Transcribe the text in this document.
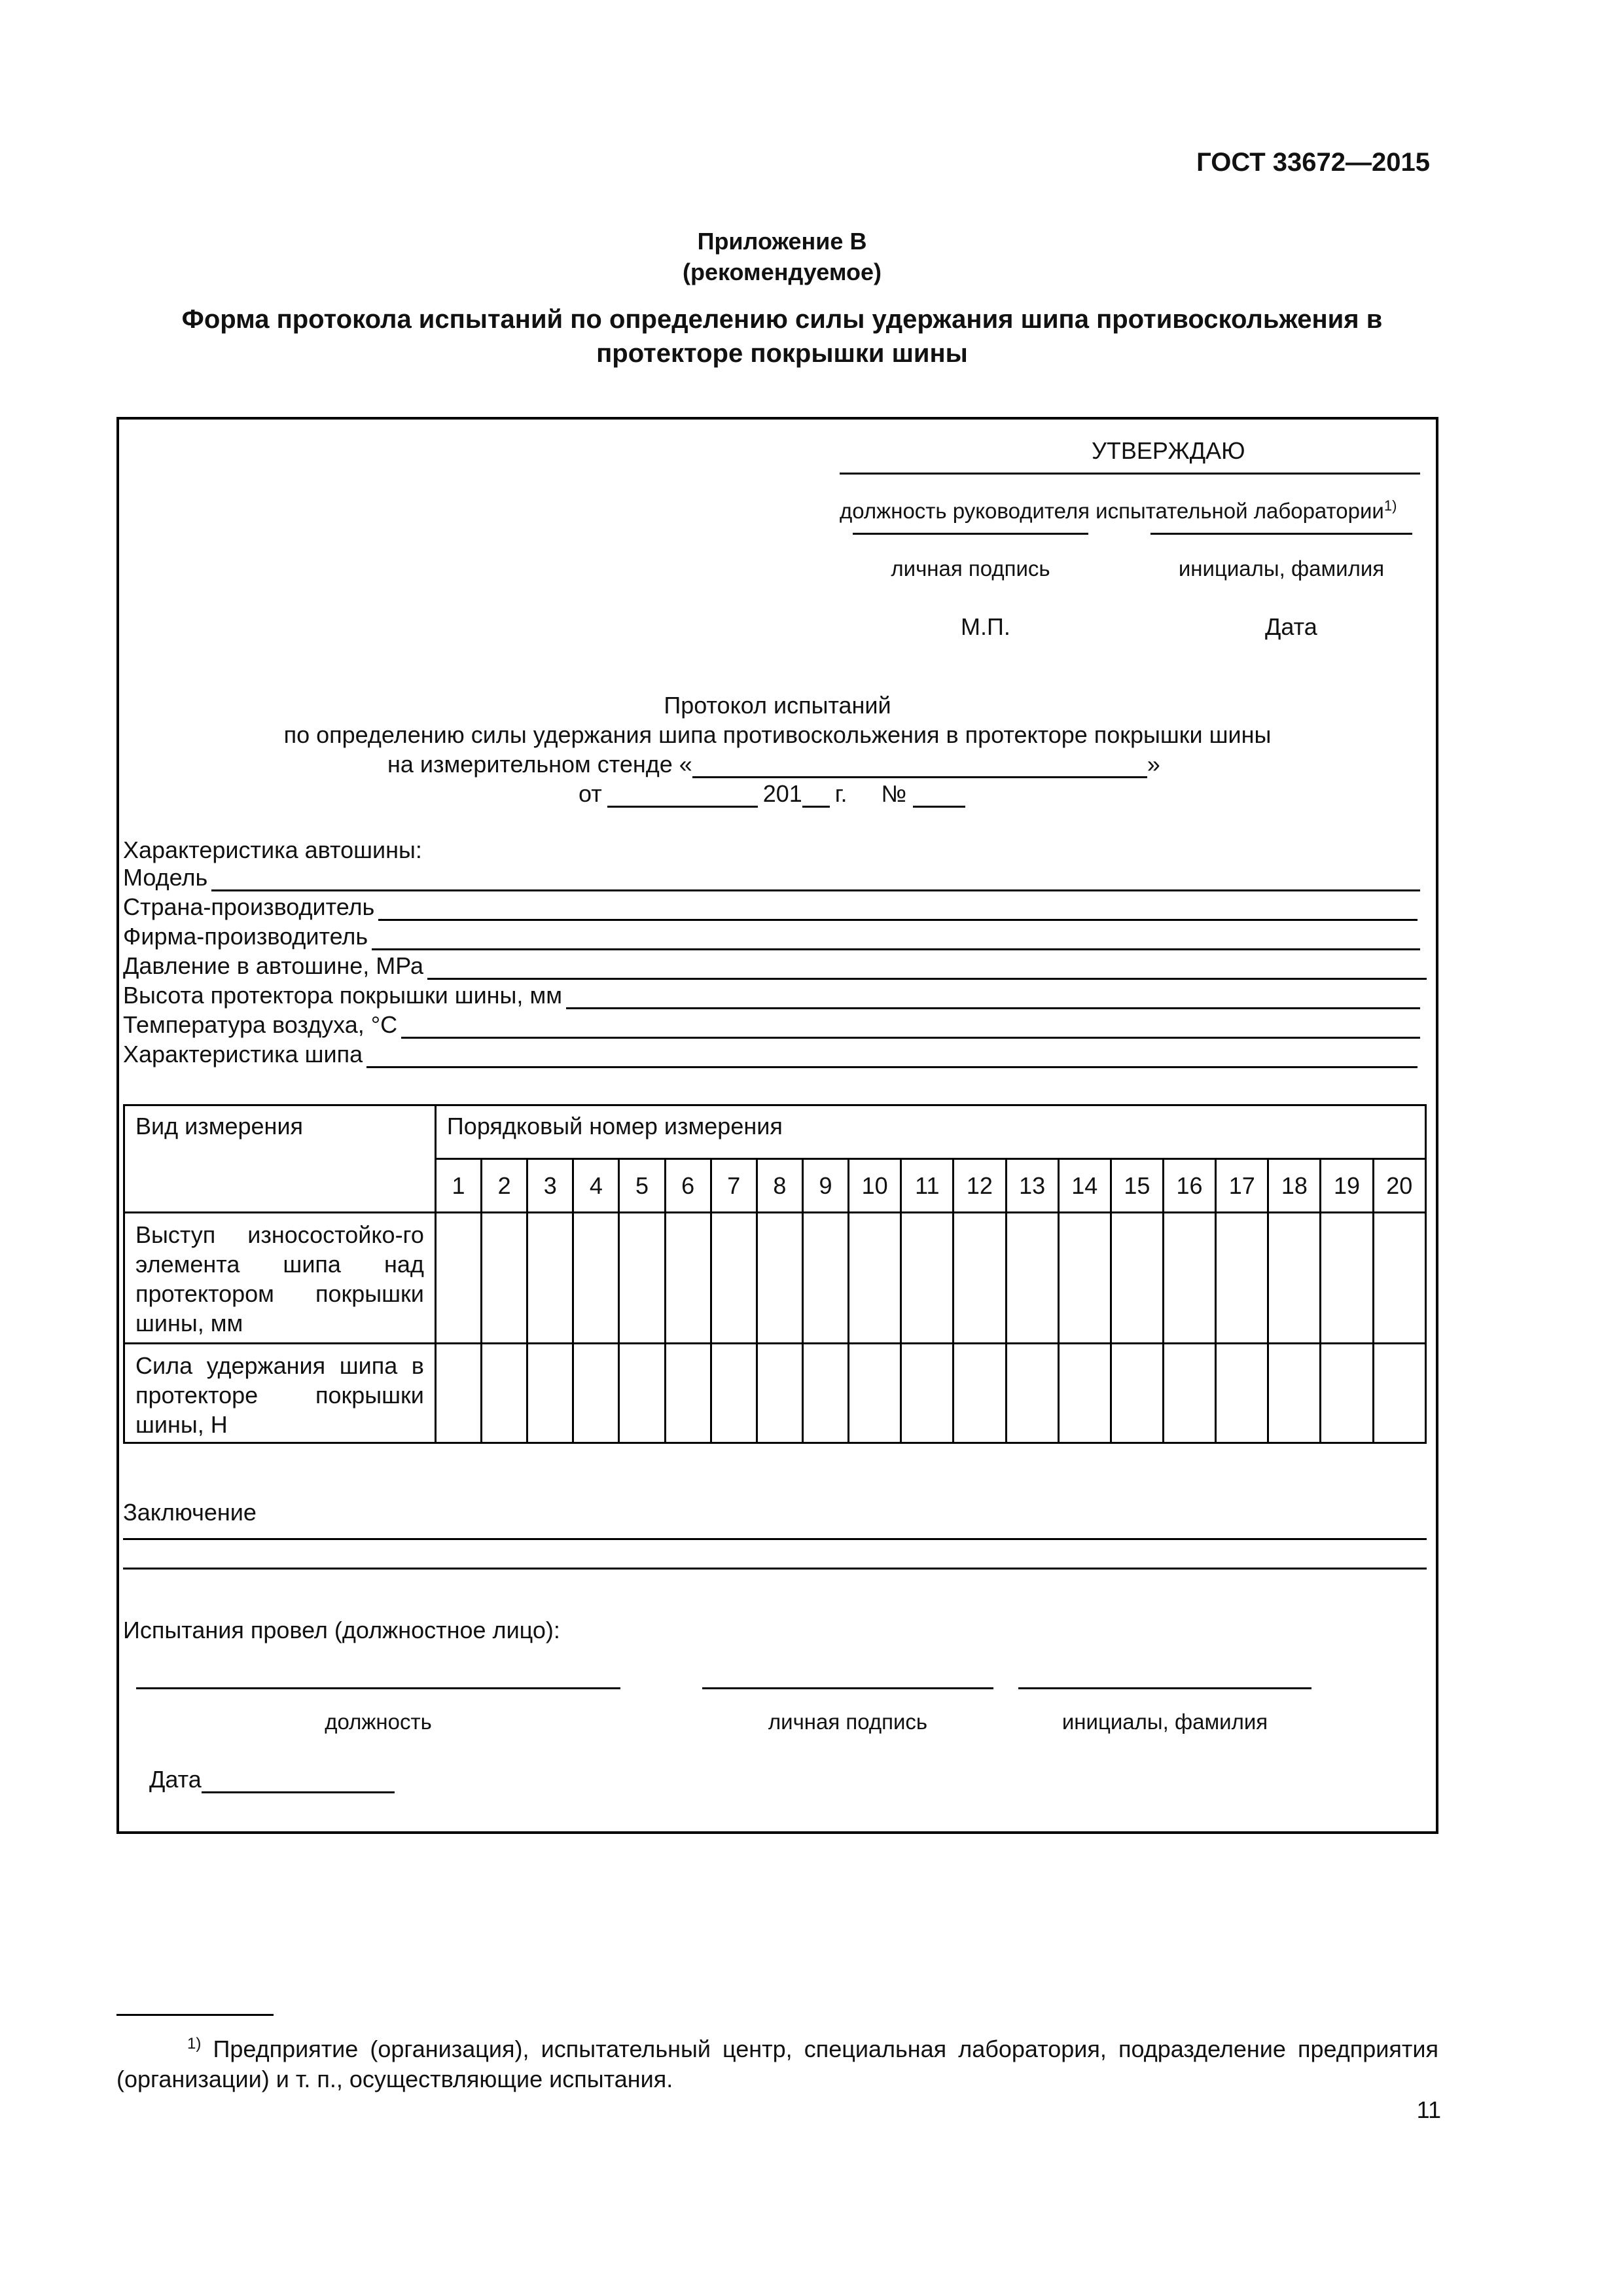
ГОСТ 33672—2015
Приложение В
(рекомендуемое)
Форма протокола испытаний по определению силы удержания шипа противоскольжения в протекторе покрышки шины
УТВЕРЖДАЮ
должность руководителя испытательной лаборатории$^{1)}$
личная подпись	инициалы, фамилия
М.П.	Дата
Протокол испытаний
по определению силы удержания шипа противоскольжения в протекторе покрышки шины
на измерительном стенде «	»
от	201 г. №
Характеристика автошины:
Модель
Страна-производитель
Фирма-производитель
Давление в автошине, МРа
Высота протектора покрышки шины, мм
Температура воздуха, °С
Характеристика шипа
Вид измерения	Порядковый номер измерения																			

	1	2	3	4	5	6	7	8	9	10	11	12	13	14	15	16	17	18	19	20

Выступ износостойко-го элемента шипа над протектором покрышки шины, мм																				

Сила удержания шипа в протекторе покрышки шины, Н																				

Заключение
Испытания провел (должностное лицо):
должность	личная подпись	инициалы, фамилия
Дата
$^{1)}$ Предприятие (организация), испытательный центр, специальная лаборатория, подразделение предприятия (организации) и т. п., осуществляющие испытания.
11
